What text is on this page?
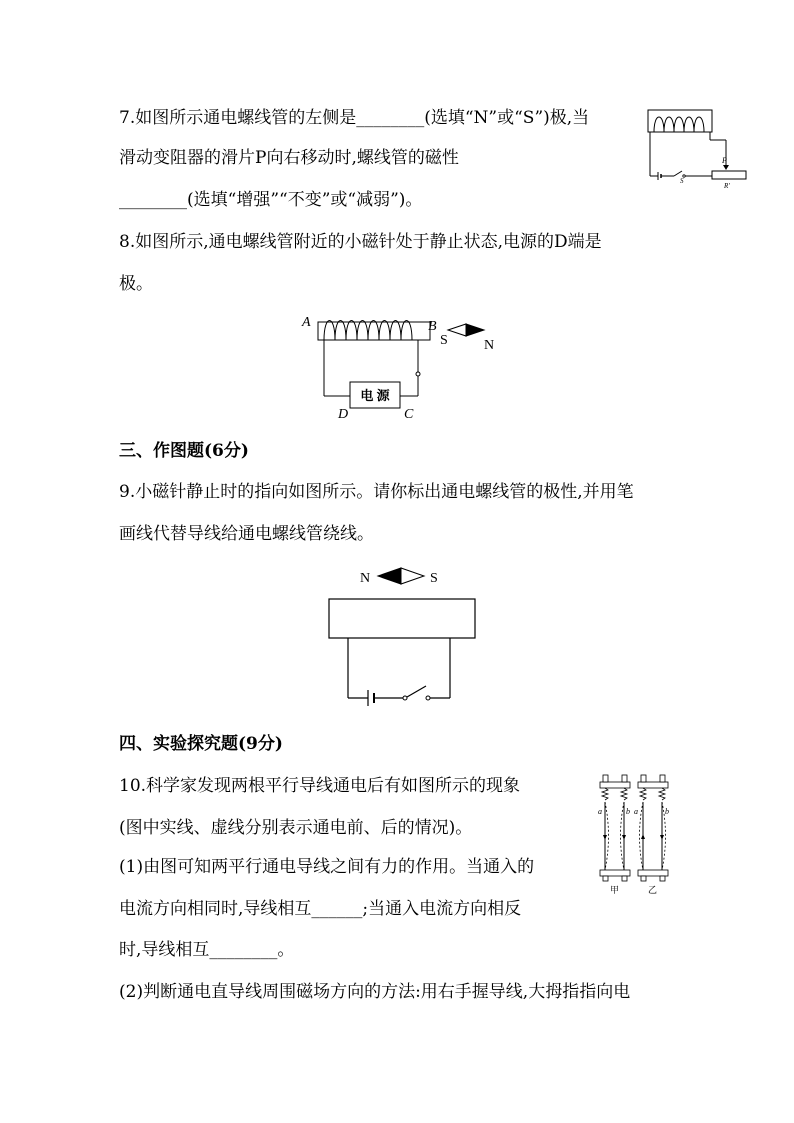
7.如图所示通电螺线管的左侧是________(选填“N”或“S”)极,当
滑动变阻器的滑片P向右移动时,螺线管的磁性
________(选填“增强”“不变”或“减弱”)。
P
R'
S
8.如图所示,通电螺线管附近的小磁针处于静止状态,电源的D端是
极。
A	B
S	N
电 源
D	C
三、作图题(6分)
9.小磁针静止时的指向如图所示。请你标出通电螺线管的极性,并用笔
画线代替导线给通电螺线管绕线。
N	S
四、实验探究题(9分)
10.科学家发现两根平行导线通电后有如图所示的现象
(图中实线、虚线分别表示通电前、后的情况)。
(1)由图可知两平行通电导线之间有力的作用。当通入的
电流方向相同时,导线相互______;当通入电流方向相反
时,导线相互________。
(2)判断通电直导线周围磁场方向的方法:用右手握导线,大拇指指向电
a	b
甲
a	b
乙
